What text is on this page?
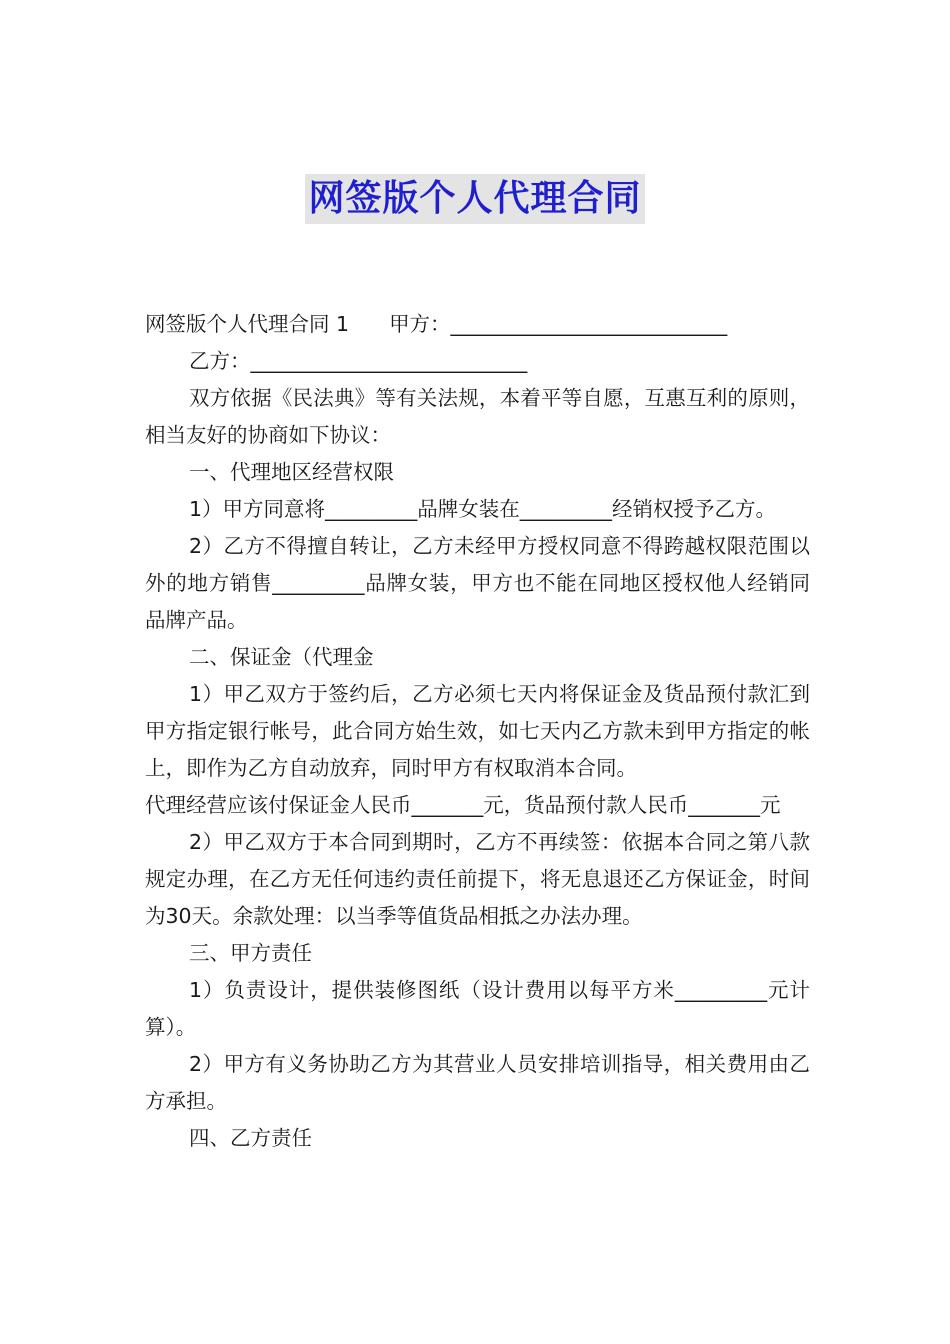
网签版个人代理合同

网签版个人代理合同 1 甲方：___________________________

乙方：___________________________

双方依据《民法典》等有关法规，本着平等自愿，互惠互利的原则，相当友好的协商如下协议：

一、代理地区经营权限

1）甲方同意将_________品牌女装在_________经销权授予乙方。

2）乙方不得擅自转让，乙方未经甲方授权同意不得跨越权限范围以外的地方销售_________品牌女装，甲方也不能在同地区授权他人经销同品牌产品。

二、保证金（代理金

1）甲乙双方于签约后，乙方必须七天内将保证金及货品预付款汇到甲方指定银行帐号，此合同方始生效，如七天内乙方款未到甲方指定的帐上，即作为乙方自动放弃，同时甲方有权取消本合同。

代理经营应该付保证金人民币_______元，货品预付款人民币_______元

2）甲乙双方于本合同到期时，乙方不再续签：依据本合同之第八款规定办理，在乙方无任何违约责任前提下，将无息退还乙方保证金，时间为30天。余款处理：以当季等值货品相抵之办法办理。

三、甲方责任

1）负责设计，提供装修图纸（设计费用以每平方米_________元计算）。

2）甲方有义务协助乙方为其营业人员安排培训指导，相关费用由乙方承担。

四、乙方责任
